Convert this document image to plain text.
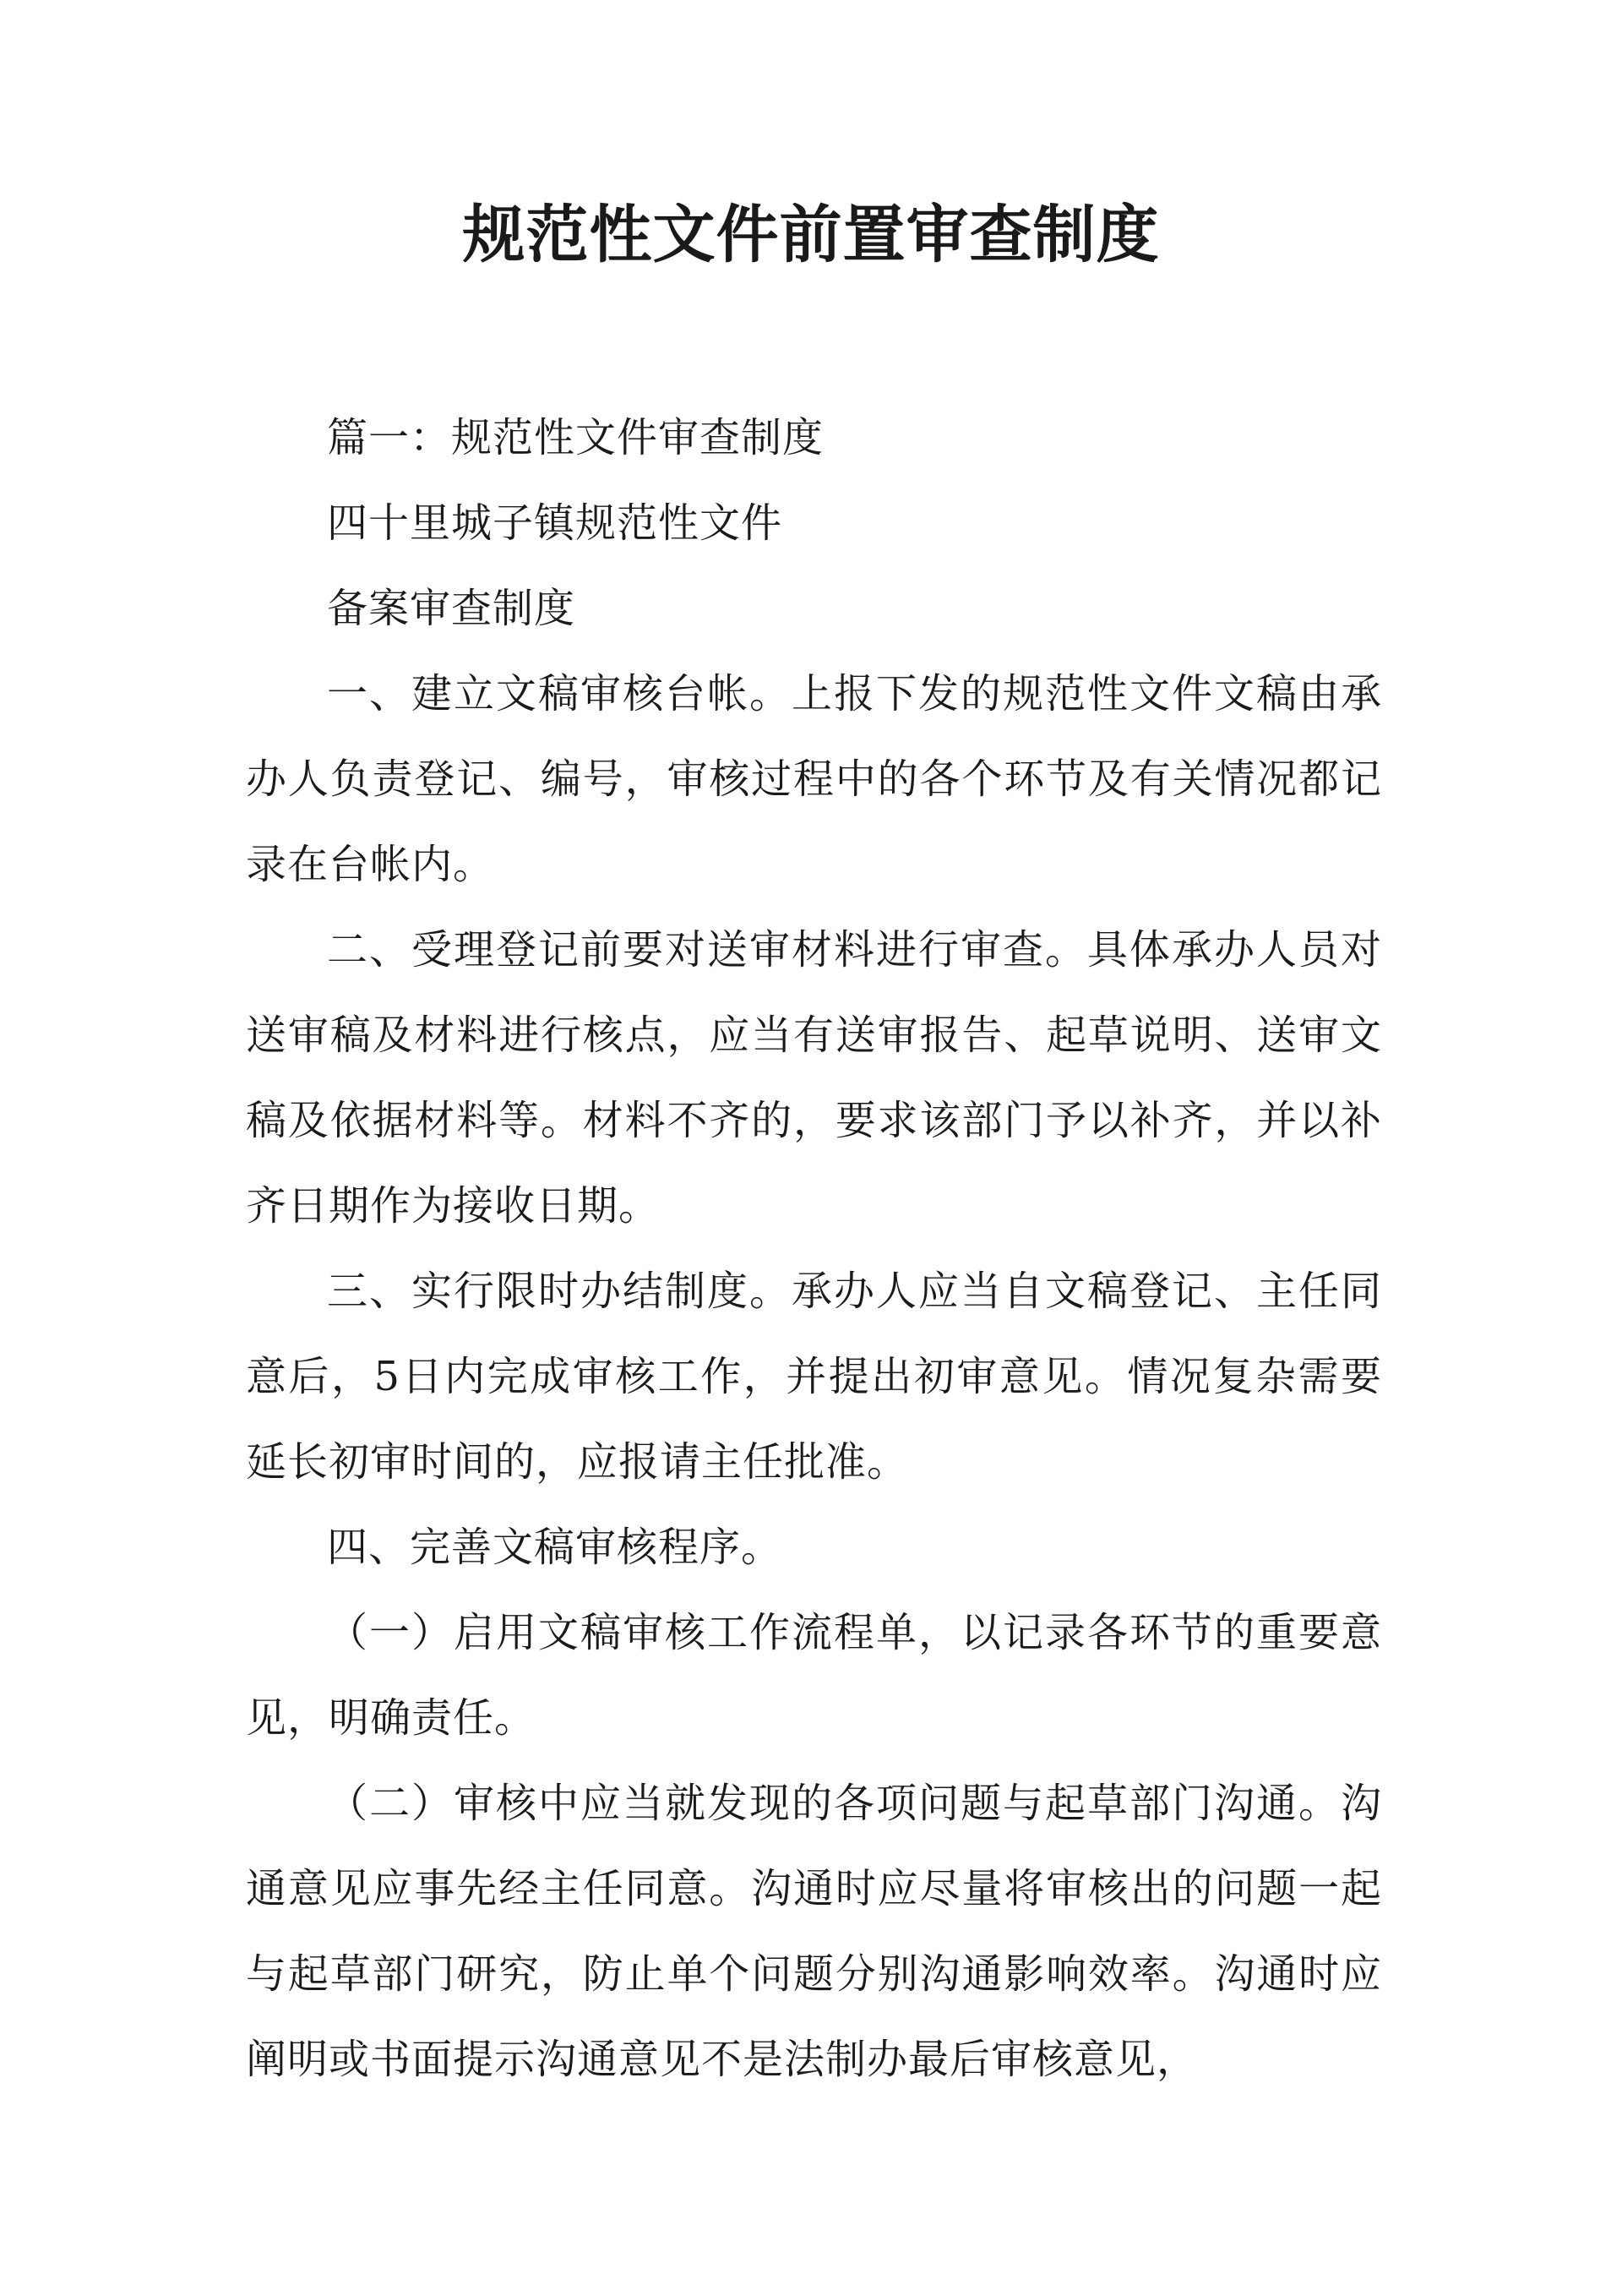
规范性文件前置审查制度

篇一：规范性文件审查制度

四十里城子镇规范性文件

备案审查制度

一、建立文稿审核台帐。上报下发的规范性文件文稿由承办人负责登记、编号，审核过程中的各个环节及有关情况都记录在台帐内。

二、受理登记前要对送审材料进行审查。具体承办人员对送审稿及材料进行核点，应当有送审报告、起草说明、送审文稿及依据材料等。材料不齐的，要求该部门予以补齐，并以补齐日期作为接收日期。

三、实行限时办结制度。承办人应当自文稿登记、主任同意后，5日内完成审核工作，并提出初审意见。情况复杂需要延长初审时间的，应报请主任批准。

四、完善文稿审核程序。

（一）启用文稿审核工作流程单，以记录各环节的重要意见，明确责任。

（二）审核中应当就发现的各项问题与起草部门沟通。沟通意见应事先经主任同意。沟通时应尽量将审核出的问题一起与起草部门研究，防止单个问题分别沟通影响效率。沟通时应阐明或书面提示沟通意见不是法制办最后审核意见，
